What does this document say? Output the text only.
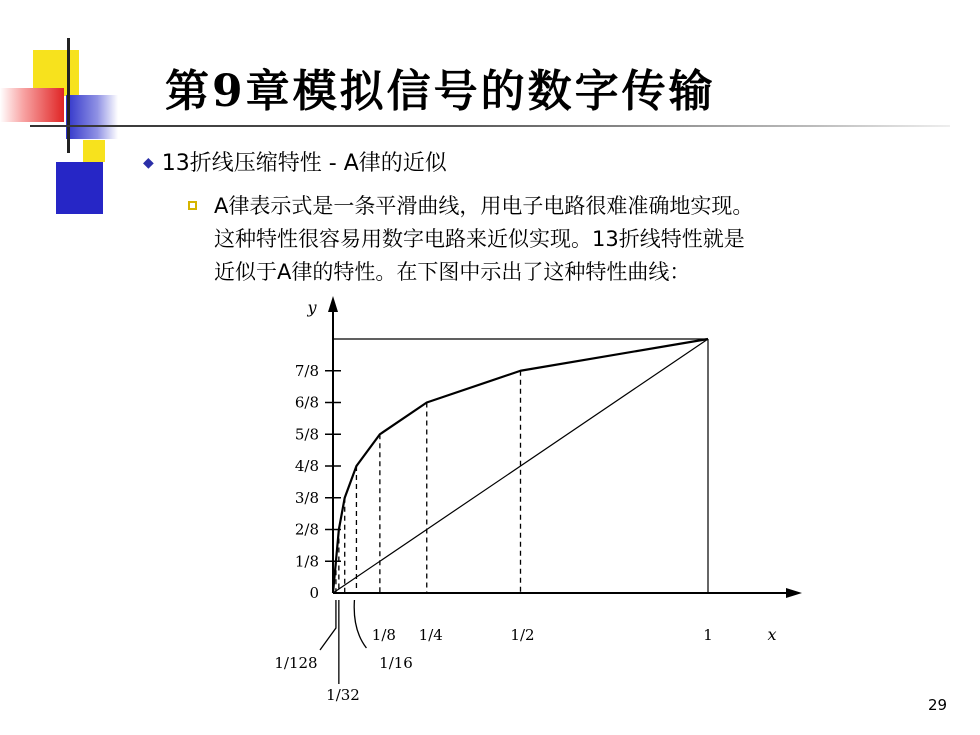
第9章模拟信号的数字传输
◆ 13折线压缩特性 - A律的近似
A律表示式是一条平滑曲线，用电子电路很难准确地实现。
这种特性很容易用数字电路来近似实现。13折线特性就是
近似于A律的特性。在下图中示出了这种特性曲线：
0
1/8
2/8
3/8
4/8
5/8
6/8
7/8
1/8 1/4	1/2	1
1/128	1/16
1/32
y
x
29
